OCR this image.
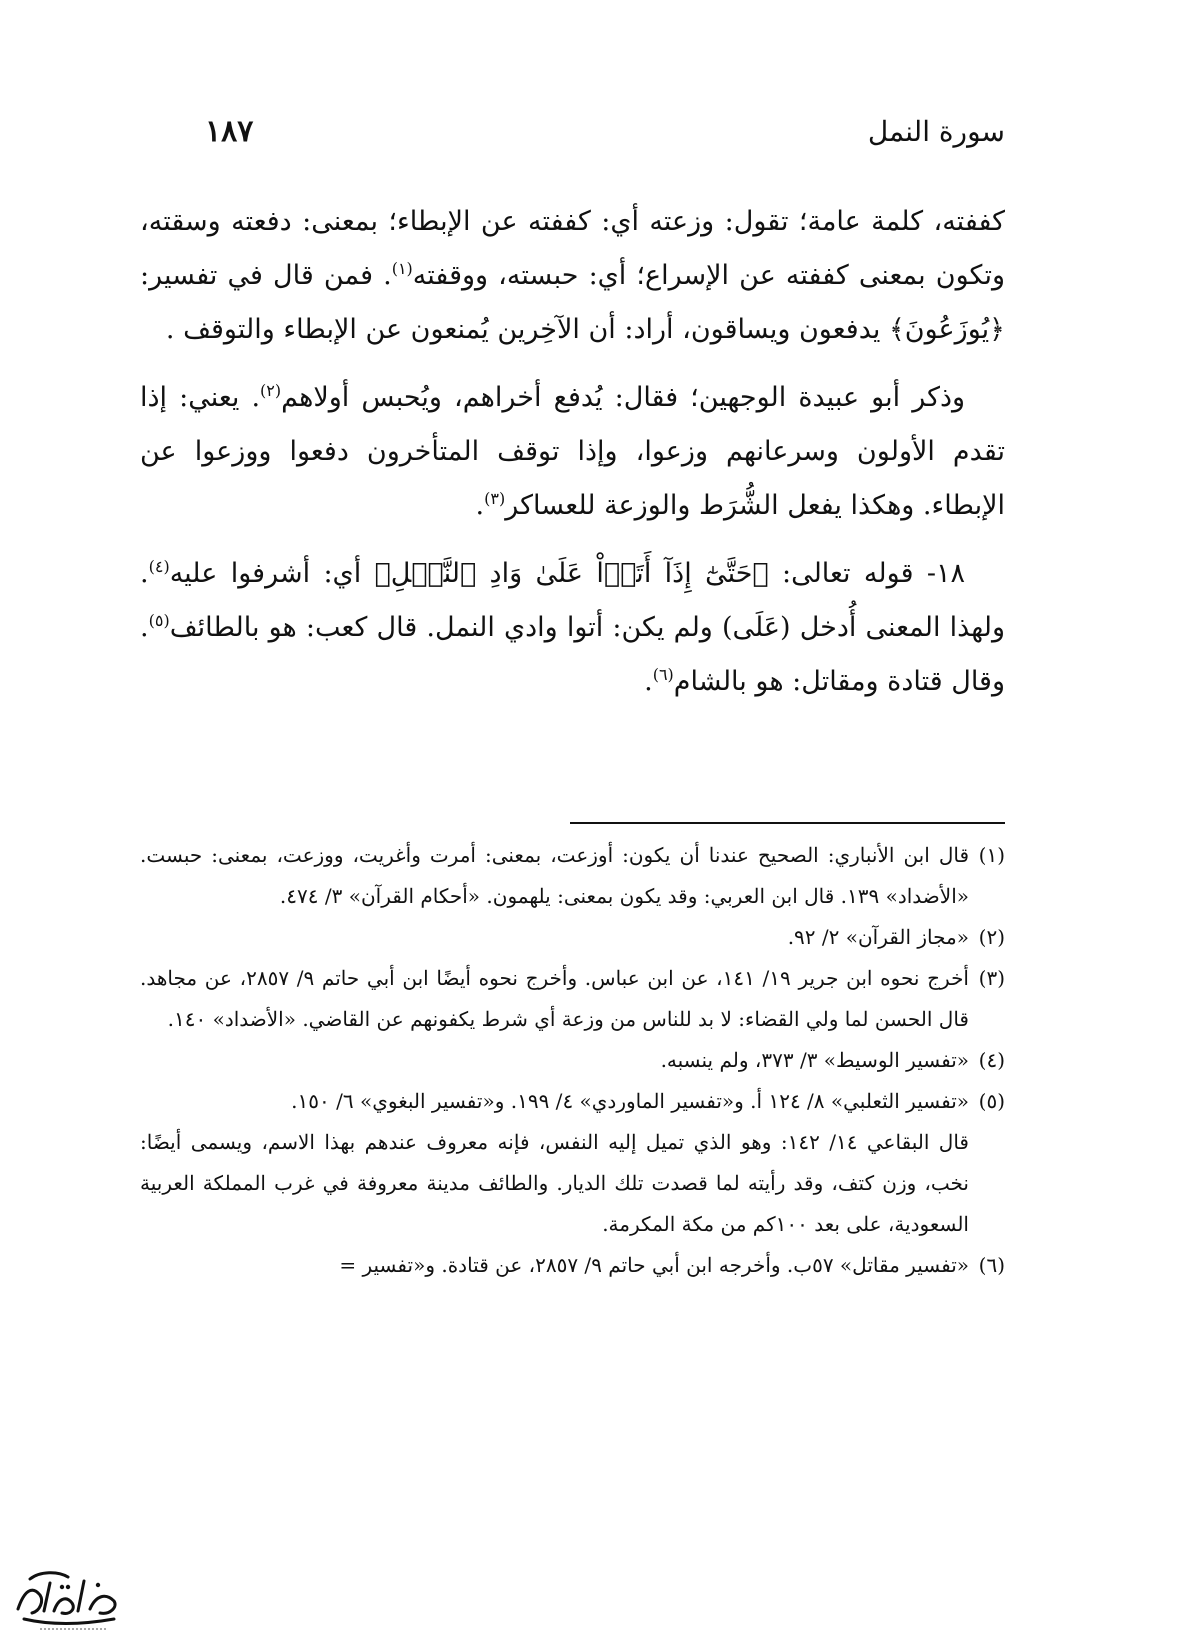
سورة النمل
١٨٧

كففته، كلمة عامة؛ تقول: وزعته أي: كففته عن الإبطاء؛ بمعنى: دفعته وسقته، وتكون بمعنى كففته عن الإسراع؛ أي: حبسته، ووقفته$^{(١)}$. فمن قال في تفسير: ﴿يُوزَعُونَ﴾ يدفعون ويساقون، أراد: أن الآخِرين يُمنعون عن الإبطاء والتوقف .

وذكر أبو عبيدة الوجهين؛ فقال: يُدفع أخراهم، ويُحبس أولاهم$^{(٢)}$. يعني: إذا تقدم الأولون وسرعانهم وزعوا، وإذا توقف المتأخرون دفعوا ووزعوا عن الإبطاء. وهكذا يفعل الشُّرَط والوزعة للعساكر$^{(٣)}$.

١٨- قوله تعالى: ﴿حَتَّىٰٓ إِذَآ أَتَوۡاْ عَلَىٰ وَادِ ٱلنَّمۡلِ﴾ أي: أشرفوا عليه$^{(٤)}$. ولهذا المعنى أُدخل (عَلَى) ولم يكن: أتوا وادي النمل. قال كعب: هو بالطائف$^{(٥)}$. وقال قتادة ومقاتل: هو بالشام$^{(٦)}$.

(١)

قال ابن الأنباري: الصحيح عندنا أن يكون: أوزعت، بمعنى: أمرت وأغريت، ووزعت، بمعنى: حبست. «الأضداد» ١٣٩. قال ابن العربي: وقد يكون بمعنى: يلهمون. «أحكام القرآن» ٣/ ٤٧٤.

(٢)

«مجاز القرآن» ٢/ ٩٢.

(٣)

أخرج نحوه ابن جرير ١٩/ ١٤١، عن ابن عباس. وأخرج نحوه أيضًا ابن أبي حاتم ٩/ ٢٨٥٧، عن مجاهد. قال الحسن لما ولي القضاء: لا بد للناس من وزعة أي شرط يكفونهم عن القاضي. «الأضداد» ١٤٠.

(٤)

«تفسير الوسيط» ٣/ ٣٧٣، ولم ينسبه.

(٥)

«تفسير الثعلبي» ٨/ ١٢٤ أ. و«تفسير الماوردي» ٤/ ١٩٩. و«تفسير البغوي» ٦/ ١٥٠.

قال البقاعي ١٤/ ١٤٢: وهو الذي تميل إليه النفس، فإنه معروف عندهم بهذا الاسم، ويسمى أيضًا: نخب، وزن كتف، وقد رأيته لما قصدت تلك الديار. والطائف مدينة معروفة في غرب المملكة العربية السعودية، على بعد ١٠٠كم من مكة المكرمة.

(٦)

«تفسير مقاتل» ٥٧ب. وأخرجه ابن أبي حاتم ٩/ ٢٨٥٧، عن قتادة. و«تفسير =
